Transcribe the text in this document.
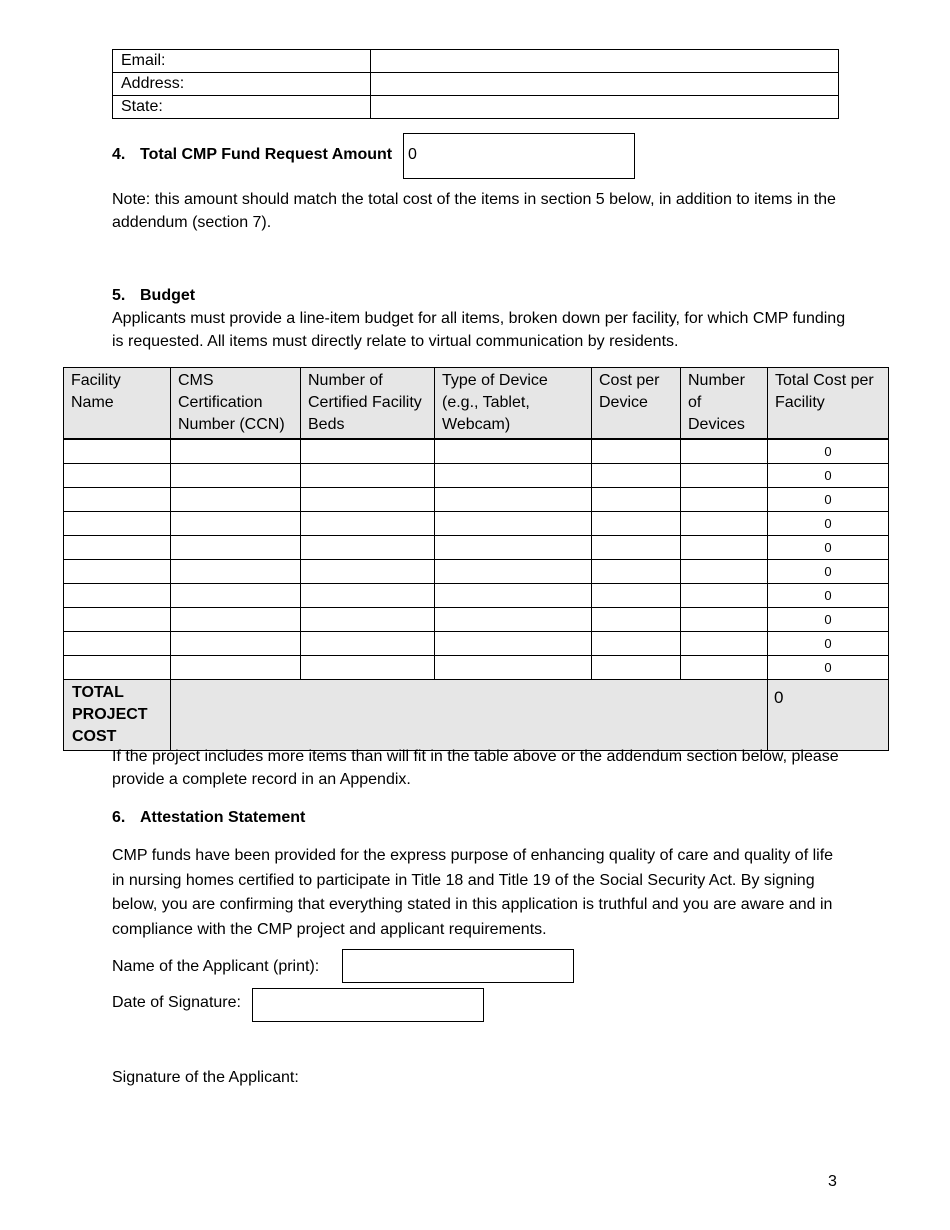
Email:	
Address:	
State:	
4. Total CMP Fund Request Amount 0
Note: this amount should match the total cost of the items in section 5 below, in addition to items in the addendum (section 7).
5. Budget
Applicants must provide a line-item budget for all items, broken down per facility, for which CMP funding is requested. All items must directly relate to virtual communication by residents.
Facility Name	CMS Certification Number (CCN)	Number of Certified Facility Beds	Type of Device (e.g., Tablet, Webcam)	Cost per Device	Number of Devices	Total Cost per Facility
						0
						0
						0
						0
						0
						0
						0
						0
						0
						0
TOTAL PROJECT COST						0
If the project includes more items than will fit in the table above or the addendum section below, please provide a complete record in an Appendix.
6. Attestation Statement
CMP funds have been provided for the express purpose of enhancing quality of care and quality of life in nursing homes certified to participate in Title 18 and Title 19 of the Social Security Act. By signing below, you are confirming that everything stated in this application is truthful and you are aware and in compliance with the CMP project and applicant requirements.
Name of the Applicant (print):
Date of Signature:
Signature of the Applicant:
3
